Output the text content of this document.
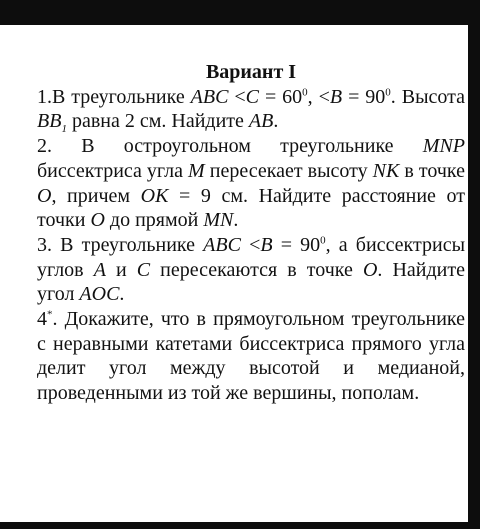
Вариант I
1.В треугольнике ABC $<C = 60^0$, $<B = 90^0$. Высота $BB_1$ равна 2 см. Найдите AB.
2. В остроугольном треугольнике MNP биссектриса угла M пересекает высоту NK в точке O, причем OK = 9 см. Найдите расстояние от точки O до прямой MN.
3. В треугольнике ABC $<B = 90^0$, а биссектрисы углов A и C пересекаются в точке O. Найдите угол AOC.
4*. Докажите, что в прямоугольном треугольнике с неравными катетами биссектриса прямого угла делит угол между высотой и медианой, проведенными из той же вершины, пополам.
